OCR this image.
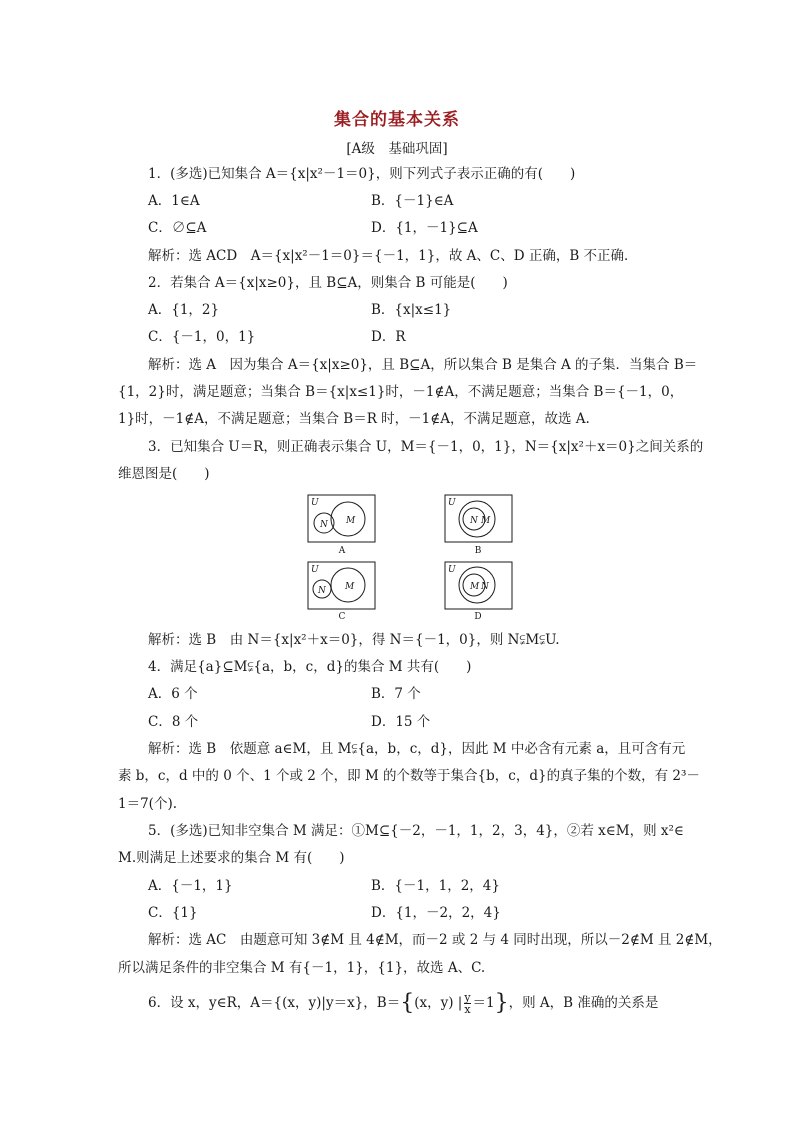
集合的基本关系
[A级　基础巩固]
1．(多选)已知集合 A＝{x|x²－1＝0}，则下列式子表示正确的有(　　)
A．1∈A	B．{－1}∈A
C．∅⊆A	D．{1，－1}⊆A
解析：选 ACD　A＝{x|x²－1＝0}＝{－1，1}，故 A、C、D 正确，B 不正确．
2．若集合 A＝{x|x≥0}，且 B⊆A，则集合 B 可能是(　　)
A．{1，2}	B．{x|x≤1}
C．{－1，0，1}	D．R
解析：选 A　因为集合 A＝{x|x≥0}，且 B⊆A，所以集合 B 是集合 A 的子集．当集合 B＝
{1，2}时，满足题意；当集合 B＝{x|x≤1}时，－1∉A，不满足题意；当集合 B＝{－1，0，
1}时，－1∉A，不满足题意；当集合 B＝R 时，－1∉A，不满足题意，故选 A.
3．已知集合 U＝R，则正确表示集合 U，M＝{－1，0，1}，N＝{x|x²＋x＝0}之间关系的
维恩图是(　　)
U
M
N
U
M
N
U
M
N
U
M N
A	B
C	D
解析：选 B　由 N＝{x|x²＋x＝0}，得 N＝{－1，0}，则 N⫋M⫋U.
4．满足{a}⊆M⫋{a，b，c，d}的集合 M 共有(　　)
A．6 个	B．7 个
C．8 个	D．15 个
解析：选 B　依题意 a∈M，且 M⫋{a，b，c，d}，因此 M 中必含有元素 a，且可含有元
素 b，c，d 中的 0 个、1 个或 2 个，即 M 的个数等于集合{b，c，d}的真子集的个数，有 2³－
1＝7(个).
5．(多选)已知非空集合 M 满足：①M⊆{－2，－1，1，2，3，4}，②若 x∈M，则 x²∈
M.则满足上述要求的集合 M 有(　　)
A．{－1，1}	B．{－1，1，2，4}
C．{1}	D．{1，－2，2，4}
解析：选 AC　由题意可知 3∉M 且 4∉M，而－2 或 2 与 4 同时出现，所以－2∉M 且 2∉M，
所以满足条件的非空集合 M 有{－1，1}，{1}，故选 A、C.
6．设 x，y∈R，A＝{(x，y)|y＝x}，B＝{(x，y) | $\frac{y}{x} =1$}，则 A，B 准确的关系是
